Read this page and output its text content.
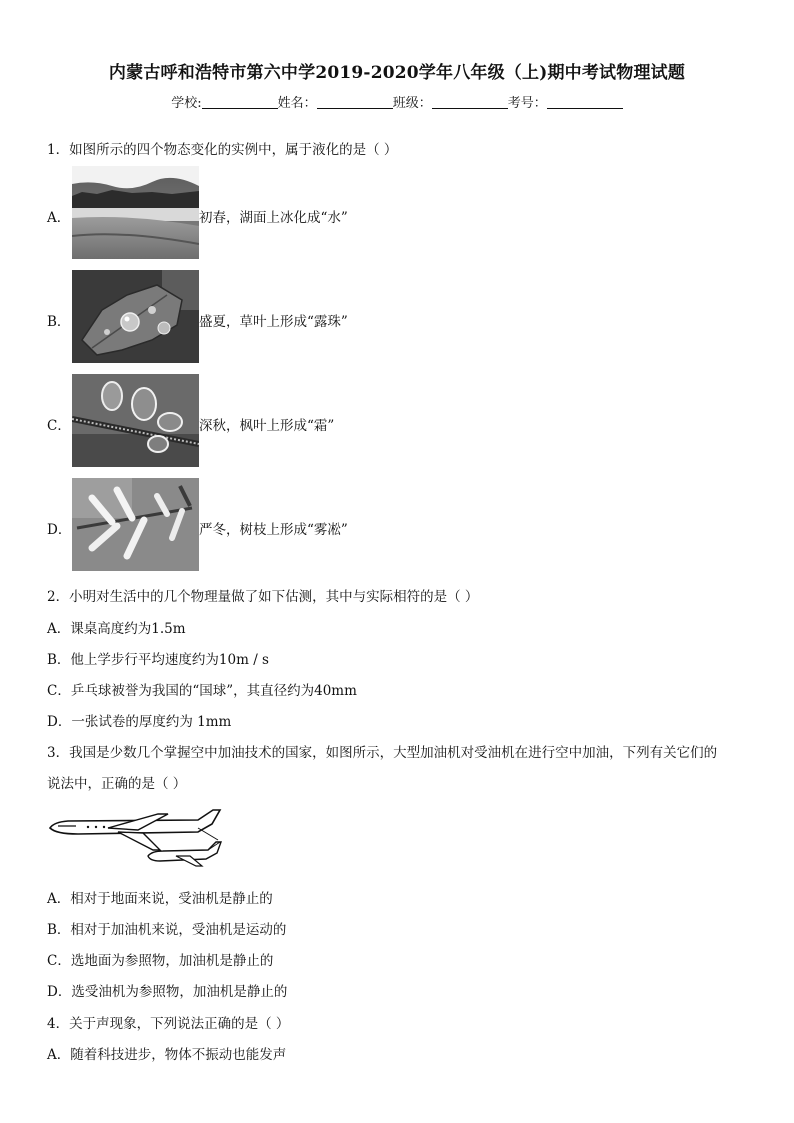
内蒙古呼和浩特市第六中学2019-2020学年八年级（上)期中考试物理试题
学校:	姓名：	班级：	考号：
1．如图所示的四个物态变化的实例中，属于液化的是（ ）
A．	初春，湖面上冰化成“水”
B．	盛夏，草叶上形成“露珠”
C．	深秋，枫叶上形成“霜”
D．	严冬，树枝上形成“雾凇”
2．小明对生活中的几个物理量做了如下估测，其中与实际相符的是（ ）
A．课桌高度约为1.5m
B．他上学步行平均速度约为10m / s
C．乒乓球被誉为我国的“国球”，其直径约为40mm
D．一张试卷的厚度约为 1mm
3．我国是少数几个掌握空中加油技术的国家，如图所示，大型加油机对受油机在进行空中加油，下列有关它们的
说法中，正确的是（ ）
A．相对于地面来说，受油机是静止的
B．相对于加油机来说，受油机是运动的
C．选地面为参照物，加油机是静止的
D．选受油机为参照物，加油机是静止的
4．关于声现象，下列说法正确的是（ ）
A．随着科技进步，物体不振动也能发声
